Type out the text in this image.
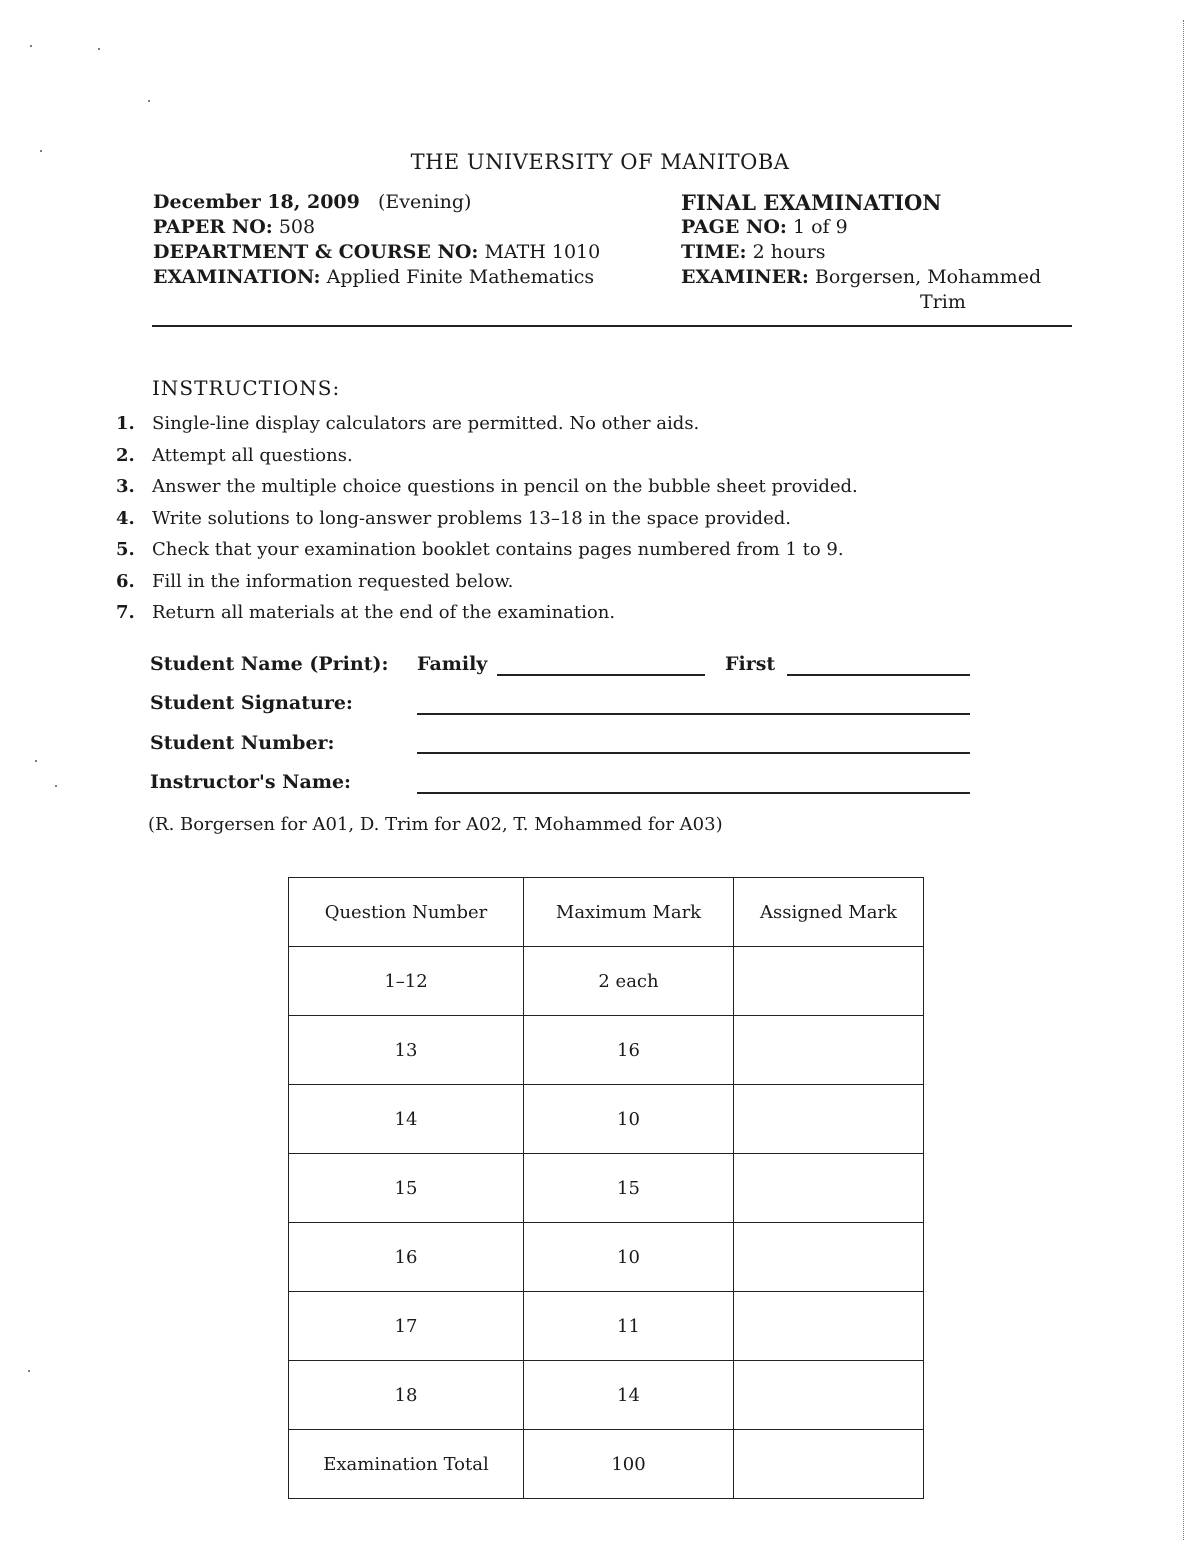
THE UNIVERSITY OF MANITOBA
December 18, 2009 (Evening)
PAPER NO: 508
DEPARTMENT & COURSE NO: MATH 1010
EXAMINATION: Applied Finite Mathematics
FINAL EXAMINATION
PAGE NO: 1 of 9
TIME: 2 hours
EXAMINER: Borgersen, Mohammed
Trim
INSTRUCTIONS:
1. Single-line display calculators are permitted. No other aids.
2. Attempt all questions.
3. Answer the multiple choice questions in pencil on the bubble sheet provided.
4. Write solutions to long-answer problems 13–18 in the space provided.
5. Check that your examination booklet contains pages numbered from 1 to 9.
6. Fill in the information requested below.
7. Return all materials at the end of the examination.
Student Name (Print): Family	First
Student Signature:
Student Number:
Instructor's Name:
(R. Borgersen for A01, D. Trim for A02, T. Mohammed for A03)
Question Number	Maximum Mark	Assigned Mark
1–12	2 each	
13	16	
14	10	
15	15	
16	10	
17	11	
18	14	
Examination Total	100	
